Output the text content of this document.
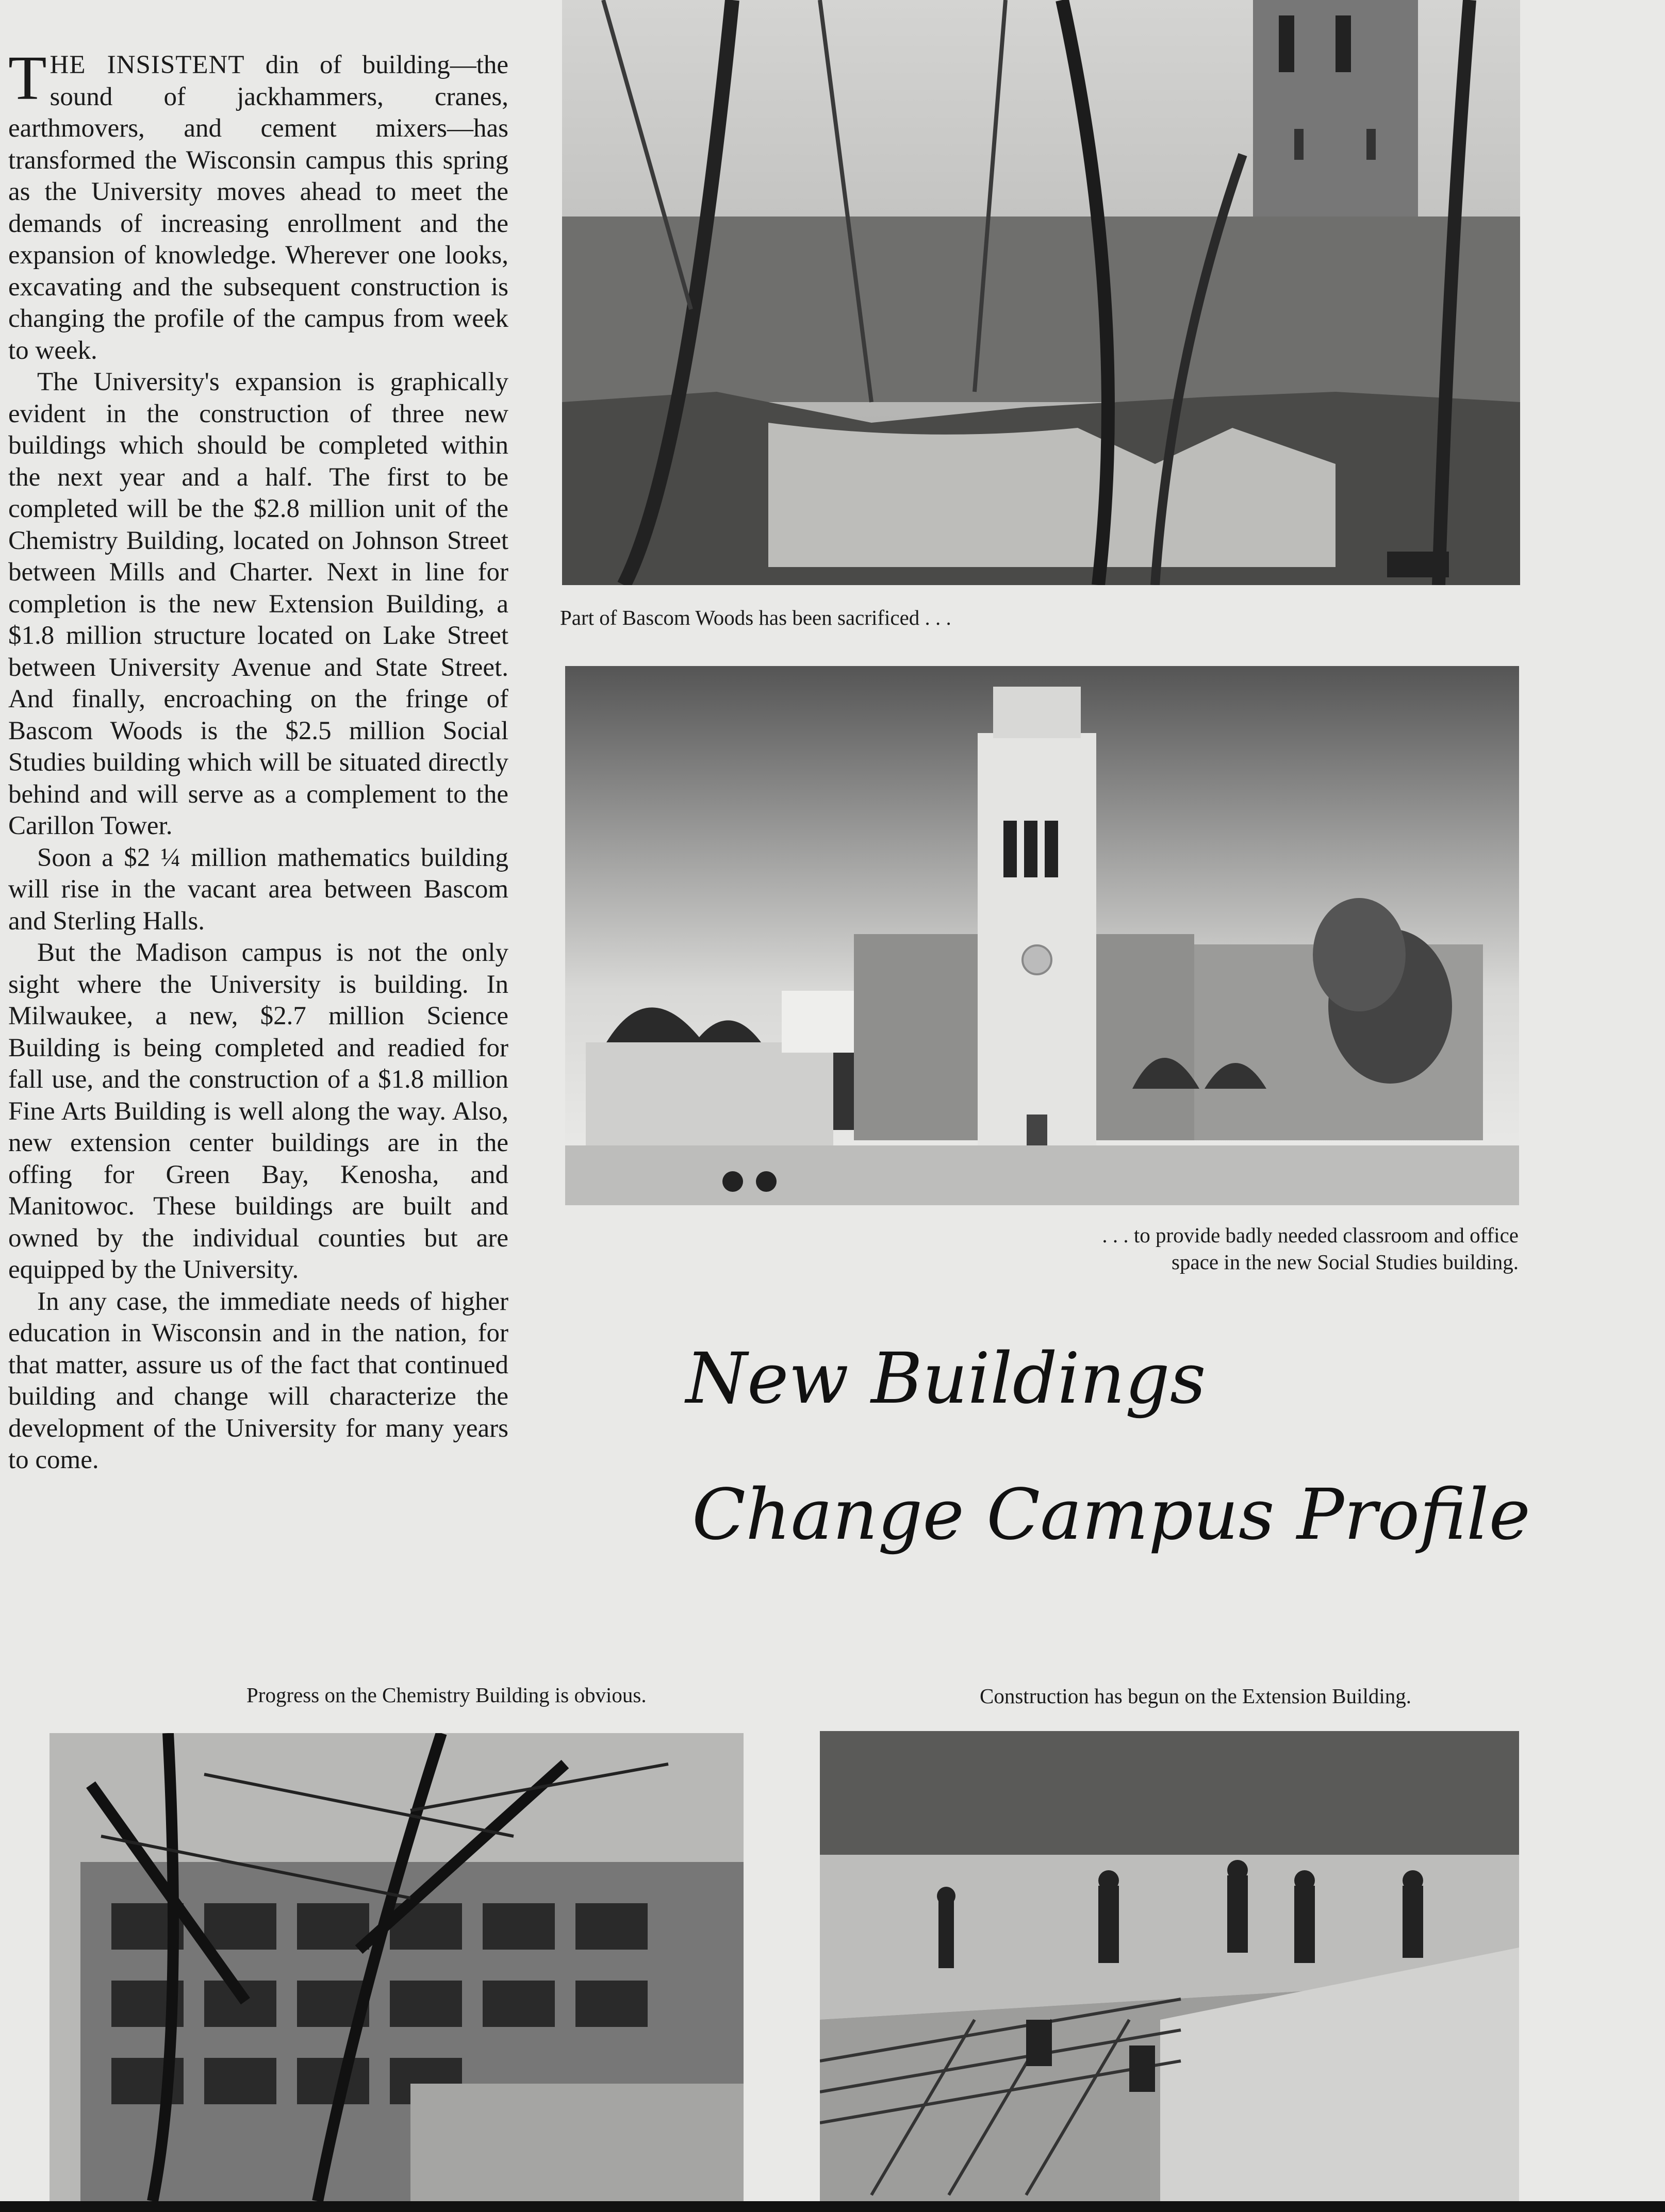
THE INSISTENT din of building—the sound of jackhammers, cranes, earthmovers, and cement mixers—has transformed the Wisconsin campus this spring as the University moves ahead to meet the demands of increasing enrollment and the expansion of knowledge. Wherever one looks, excavating and the subsequent construction is changing the profile of the campus from week to week.

The University's expansion is graphically evident in the construction of three new buildings which should be completed within the next year and a half. The first to be completed will be the $2.8 million unit of the Chemistry Building, located on Johnson Street between Mills and Charter. Next in line for completion is the new Extension Building, a $1.8 million structure located on Lake Street between University Avenue and State Street. And finally, encroaching on the fringe of Bascom Woods is the $2.5 million Social Studies building which will be situated directly behind and will serve as a complement to the Carillon Tower.

Soon a $2 ¼ million mathematics building will rise in the vacant area between Bascom and Sterling Halls.

But the Madison campus is not the only sight where the University is building. In Milwaukee, a new, $2.7 million Science Building is being completed and readied for fall use, and the construction of a $1.8 million Fine Arts Building is well along the way. Also, new extension center buildings are in the offing for Green Bay, Kenosha, and Manitowoc. These buildings are built and owned by the individual counties but are equipped by the University.

In any case, the immediate needs of higher education in Wisconsin and in the nation, for that matter, assure us of the fact that continued building and change will characterize the development of the University for many years to come.

Part of Bascom Woods has been sacrificed . . .
. . . to provide badly needed classroom and office
space in the new Social Studies building.
New Buildings
Change Campus Profile
Progress on the Chemistry Building is obvious.	Construction has begun on the Extension Building.
